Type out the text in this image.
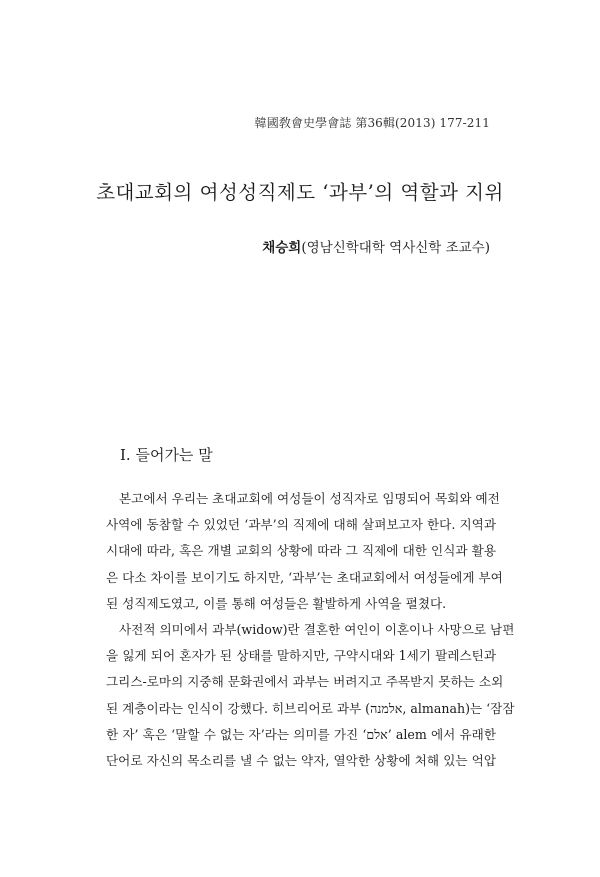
韓國敎會史學會誌 第36輯(2013) 177-211
초대교회의 여성성직제도 ‘과부’의 역할과 지위
채승희(영남신학대학 역사신학 조교수)
Ⅰ. 들어가는 말
본고에서 우리는 초대교회에 여성들이 성직자로 임명되어 목회와 예전
사역에 동참할 수 있었던 ‘과부’의 직제에 대해 살펴보고자 한다. 지역과
시대에 따라, 혹은 개별 교회의 상황에 따라 그 직제에 대한 인식과 활용
은 다소 차이를 보이기도 하지만, ‘과부’는 초대교회에서 여성들에게 부여
된 성직제도였고, 이를 통해 여성들은 활발하게 사역을 펼쳤다.
사전적 의미에서 과부(widow)란 결혼한 여인이 이혼이나 사망으로 남편
을 잃게 되어 혼자가 된 상태를 말하지만, 구약시대와 1세기 팔레스틴과
그리스-로마의 지중해 문화권에서 과부는 버려지고 주목받지 못하는 소외
된 계층이라는 인식이 강했다. 히브리어로 과부 (אלמנה, almanah)는 ‘잠잠
한 자’ 혹은 ‘말할 수 없는 자’라는 의미를 가진 ‘אלם’ alem 에서 유래한
단어로 자신의 목소리를 낼 수 없는 약자, 열악한 상황에 처해 있는 억압
